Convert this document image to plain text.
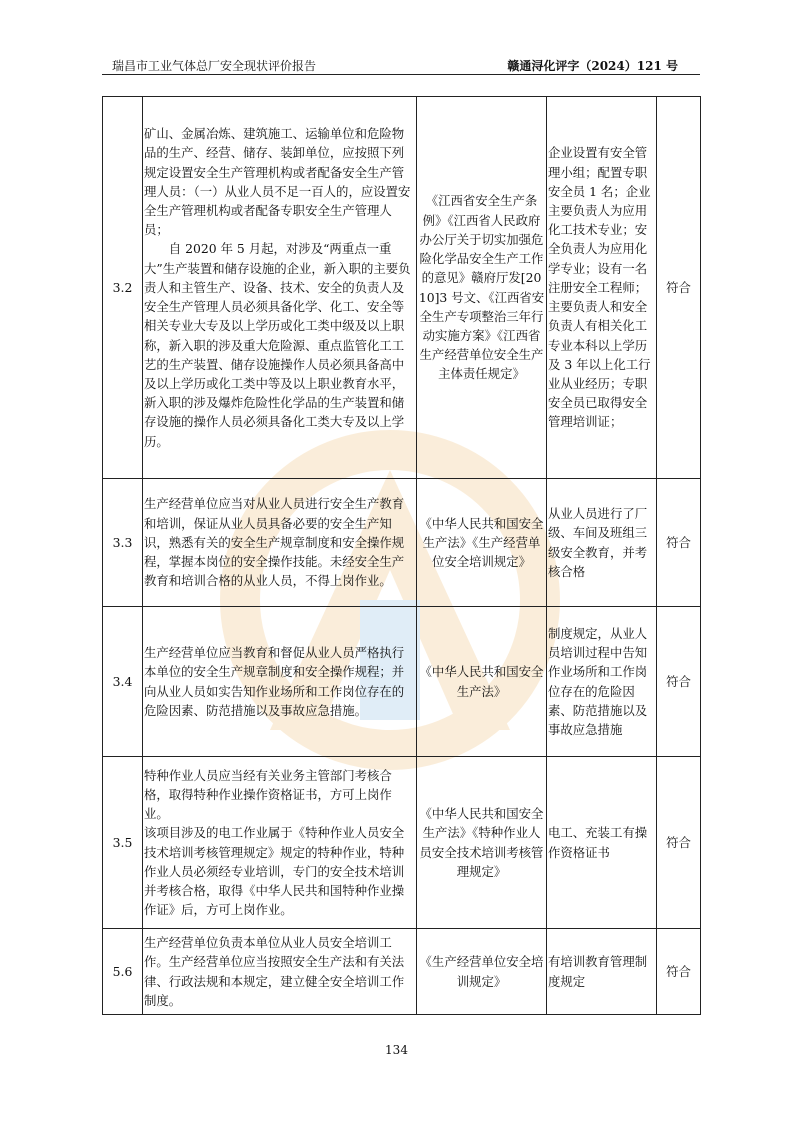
瑞昌市工业气体总厂安全现状评价报告	赣通浔化评字（2024）121 号
3.2	矿山、金属冶炼、建筑施工、运输单位和危险物品的生产、经营、储存、装卸单位，应按照下列规定设置安全生产管理机构或者配备安全生产管理人员：（一）从业人员不足一百人的，应设置安全生产管理机构或者配备专职安全生产管理人员；
自 2020 年 5 月起，对涉及“两重点一重大”生产装置和储存设施的企业，新入职的主要负责人和主管生产、设备、技术、安全的负责人及安全生产管理人员必须具备化学、化工、安全等相关专业大专及以上学历或化工类中级及以上职称，新入职的涉及重大危险源、重点监管化工工艺的生产装置、储存设施操作人员必须具备高中及以上学历或化工类中等及以上职业教育水平，新入职的涉及爆炸危险性化学品的生产装置和储存设施的操作人员必须具备化工类大专及以上学历。	《江西省安全生产条例》《江西省人民政府办公厅关于切实加强危险化学品安全生产工作的意见》赣府厅发[2010]3 号文、《江西省安全生产专项整治三年行动实施方案》《江西省生产经营单位安全生产主体责任规定》	企业设置有安全管理小组；配置专职安全员 1 名；企业主要负责人为应用化工技术专业；安全负责人为应用化学专业；设有一名注册安全工程师；主要负责人和安全负责人有相关化工专业本科以上学历及 3 年以上化工行业从业经历；专职安全员已取得安全管理培训证；	符合
3.3	生产经营单位应当对从业人员进行安全生产教育和培训，保证从业人员具备必要的安全生产知识，熟悉有关的安全生产规章制度和安全操作规程，掌握本岗位的安全操作技能。未经安全生产教育和培训合格的从业人员，不得上岗作业。	《中华人民共和国安全生产法》《生产经营单位安全培训规定》	从业人员进行了厂级、车间及班组三级安全教育，并考核合格	符合
3.4	生产经营单位应当教育和督促从业人员严格执行本单位的安全生产规章制度和安全操作规程；并向从业人员如实告知作业场所和工作岗位存在的危险因素、防范措施以及事故应急措施。	《中华人民共和国安全生产法》	制度规定，从业人员培训过程中告知作业场所和工作岗位存在的危险因素、防范措施以及事故应急措施	符合
3.5	特种作业人员应当经有关业务主管部门考核合格，取得特种作业操作资格证书，方可上岗作业。
该项目涉及的电工作业属于《特种作业人员安全技术培训考核管理规定》规定的特种作业，特种作业人员必须经专业培训，专门的安全技术培训并考核合格，取得《中华人民共和国特种作业操作证》后，方可上岗作业。	《中华人民共和国安全生产法》《特种作业人员安全技术培训考核管理规定》	电工、充装工有操作资格证书	符合
5.6	生产经营单位负责本单位从业人员安全培训工作。生产经营单位应当按照安全生产法和有关法律、行政法规和本规定，建立健全安全培训工作制度。	《生产经营单位安全培训规定》	有培训教育管理制度规定	符合
134
